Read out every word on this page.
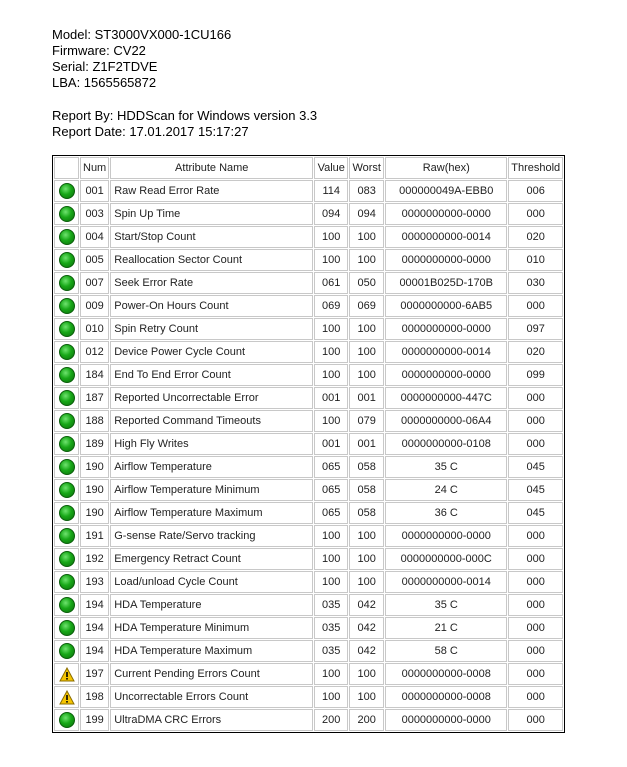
Model: ST3000VX000-1CU166
Firmware: CV22
Serial: Z1F2TDVE
LBA: 1565565872
Report By: HDDScan for Windows version 3.3
Report Date: 17.01.2017 15:17:27
	Num	Attribute Name	Value	Worst	Raw(hex)	Threshold
	001	Raw Read Error Rate	114	083	000000049A-EBB0	006
	003	Spin Up Time	094	094	0000000000-0000	000
	004	Start/Stop Count	100	100	0000000000-0014	020
	005	Reallocation Sector Count	100	100	0000000000-0000	010
	007	Seek Error Rate	061	050	00001B025D-170B	030
	009	Power-On Hours Count	069	069	0000000000-6AB5	000
	010	Spin Retry Count	100	100	0000000000-0000	097
	012	Device Power Cycle Count	100	100	0000000000-0014	020
	184	End To End Error Count	100	100	0000000000-0000	099
	187	Reported Uncorrectable Error	001	001	0000000000-447C	000
	188	Reported Command Timeouts	100	079	0000000000-06A4	000
	189	High Fly Writes	001	001	0000000000-0108	000
	190	Airflow Temperature	065	058	35 C	045
	190	Airflow Temperature Minimum	065	058	24 C	045
	190	Airflow Temperature Maximum	065	058	36 C	045
	191	G-sense Rate/Servo tracking	100	100	0000000000-0000	000
	192	Emergency Retract Count	100	100	0000000000-000C	000
	193	Load/unload Cycle Count	100	100	0000000000-0014	000
	194	HDA Temperature	035	042	35 C	000
	194	HDA Temperature Minimum	035	042	21 C	000
	194	HDA Temperature Maximum	035	042	58 C	000
	197	Current Pending Errors Count	100	100	0000000000-0008	000
	198	Uncorrectable Errors Count	100	100	0000000000-0008	000
	199	UltraDMA CRC Errors	200	200	0000000000-0000	000
